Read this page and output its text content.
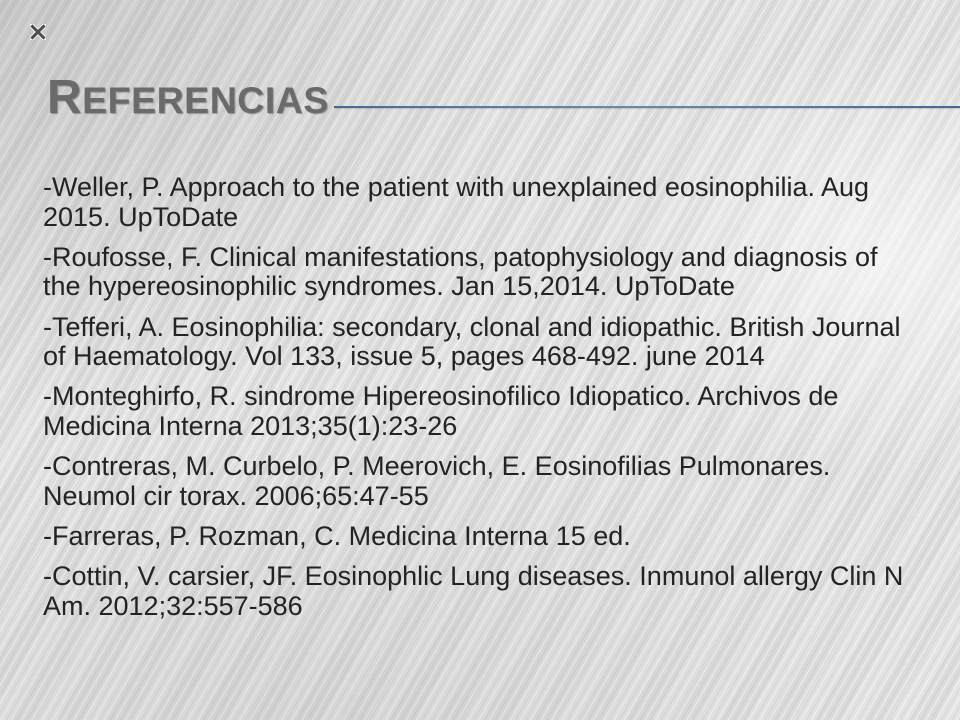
REFERENCIAS
-Weller, P. Approach to the patient with unexplained eosinophilia. Aug
2015. UpToDate
-Roufosse, F. Clinical manifestations, patophysiology and diagnosis of
the hypereosinophilic syndromes. Jan 15,2014. UpToDate
-Tefferi, A. Eosinophilia: secondary, clonal and idiopathic. British Journal
of Haematology. Vol 133, issue 5, pages 468-492. june 2014
-Monteghirfo, R. sindrome Hipereosinofilico Idiopatico. Archivos de
Medicina Interna 2013;35(1):23-26
-Contreras, M. Curbelo, P. Meerovich, E. Eosinofilias Pulmonares.
Neumol cir torax. 2006;65:47-55
-Farreras, P. Rozman, C. Medicina Interna 15 ed.
-Cottin, V. carsier, JF. Eosinophlic Lung diseases. Inmunol allergy Clin N
Am. 2012;32:557-586
